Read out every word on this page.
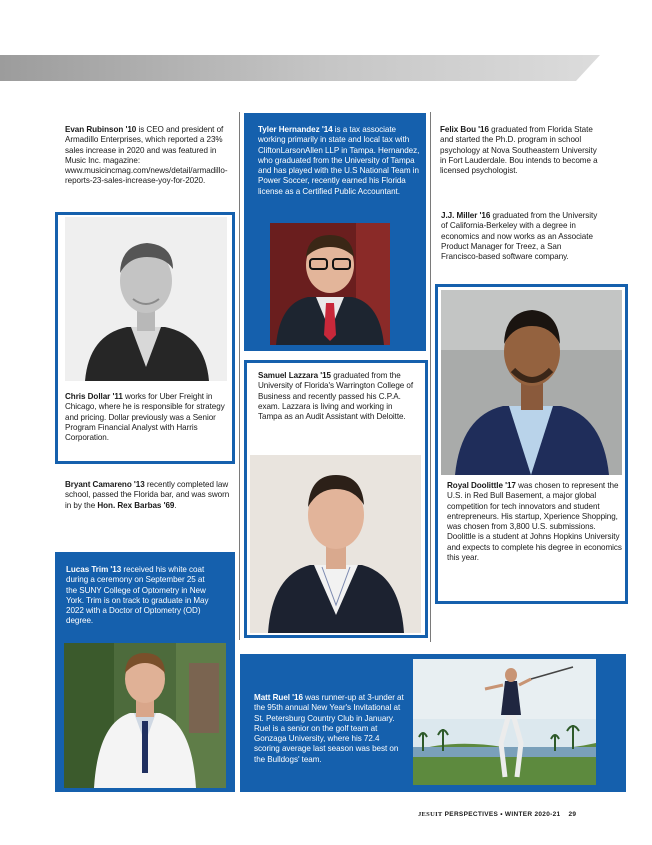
Evan Rubinson '10 is CEO and president of Armadillo Enterprises, which reported a 23% sales increase in 2020 and was featured in Music Inc. magazine: www.musicincmag.com/news/detail/armadillo-reports-23-sales-increase-yoy-for-2020.
Chris Dollar '11 works for Uber Freight in Chicago, where he is responsible for strategy and pricing. Dollar previously was a Senior Program Financial Analyst with Harris Corporation.
Bryant Camareno '13 recently completed law school, passed the Florida bar, and was sworn in by the Hon. Rex Barbas '69.
Lucas Trim '13 received his white coat during a ceremony on September 25 at the SUNY College of Optometry in New York. Trim is on track to graduate in May 2022 with a Doctor of Optometry (OD) degree.
Tyler Hernandez '14 is a tax associate working primarily in state and local tax with CliftonLarsonAllen LLP in Tampa. Hernandez, who graduated from the University of Tampa and has played with the U.S National Team in Power Soccer, recently earned his Florida license as a Certified Public Accountant.
Samuel Lazzara '15 graduated from the University of Florida's Warrington College of Business and recently passed his C.P.A. exam. Lazzara is living and working in Tampa as an Audit Assistant with Deloitte.
Felix Bou '16 graduated from Florida State and started the Ph.D. program in school psychology at Nova Southeastern University in Fort Lauderdale. Bou intends to become a licensed psychologist.
J.J. Miller '16 graduated from the University of California-Berkeley with a degree in economics and now works as an Associate Product Manager for Treez, a San Francisco-based software company.
Royal Doolittle '17 was chosen to represent the U.S. in Red Bull Basement, a major global competition for tech innovators and student entrepreneurs. His startup, Xperience Shopping, was chosen from 3,800 U.S. submissions. Doolittle is a student at Johns Hopkins University and expects to complete his degree in economics this year.
Matt Ruel '16 was runner-up at 3-under at the 95th annual New Year's Invitational at St. Petersburg Country Club in January. Ruel is a senior on the golf team at Gonzaga University, where his 72.4 scoring average last season was best on the Bulldogs' team.
JESUIT PERSPECTIVES • WINTER 2020-21 29
